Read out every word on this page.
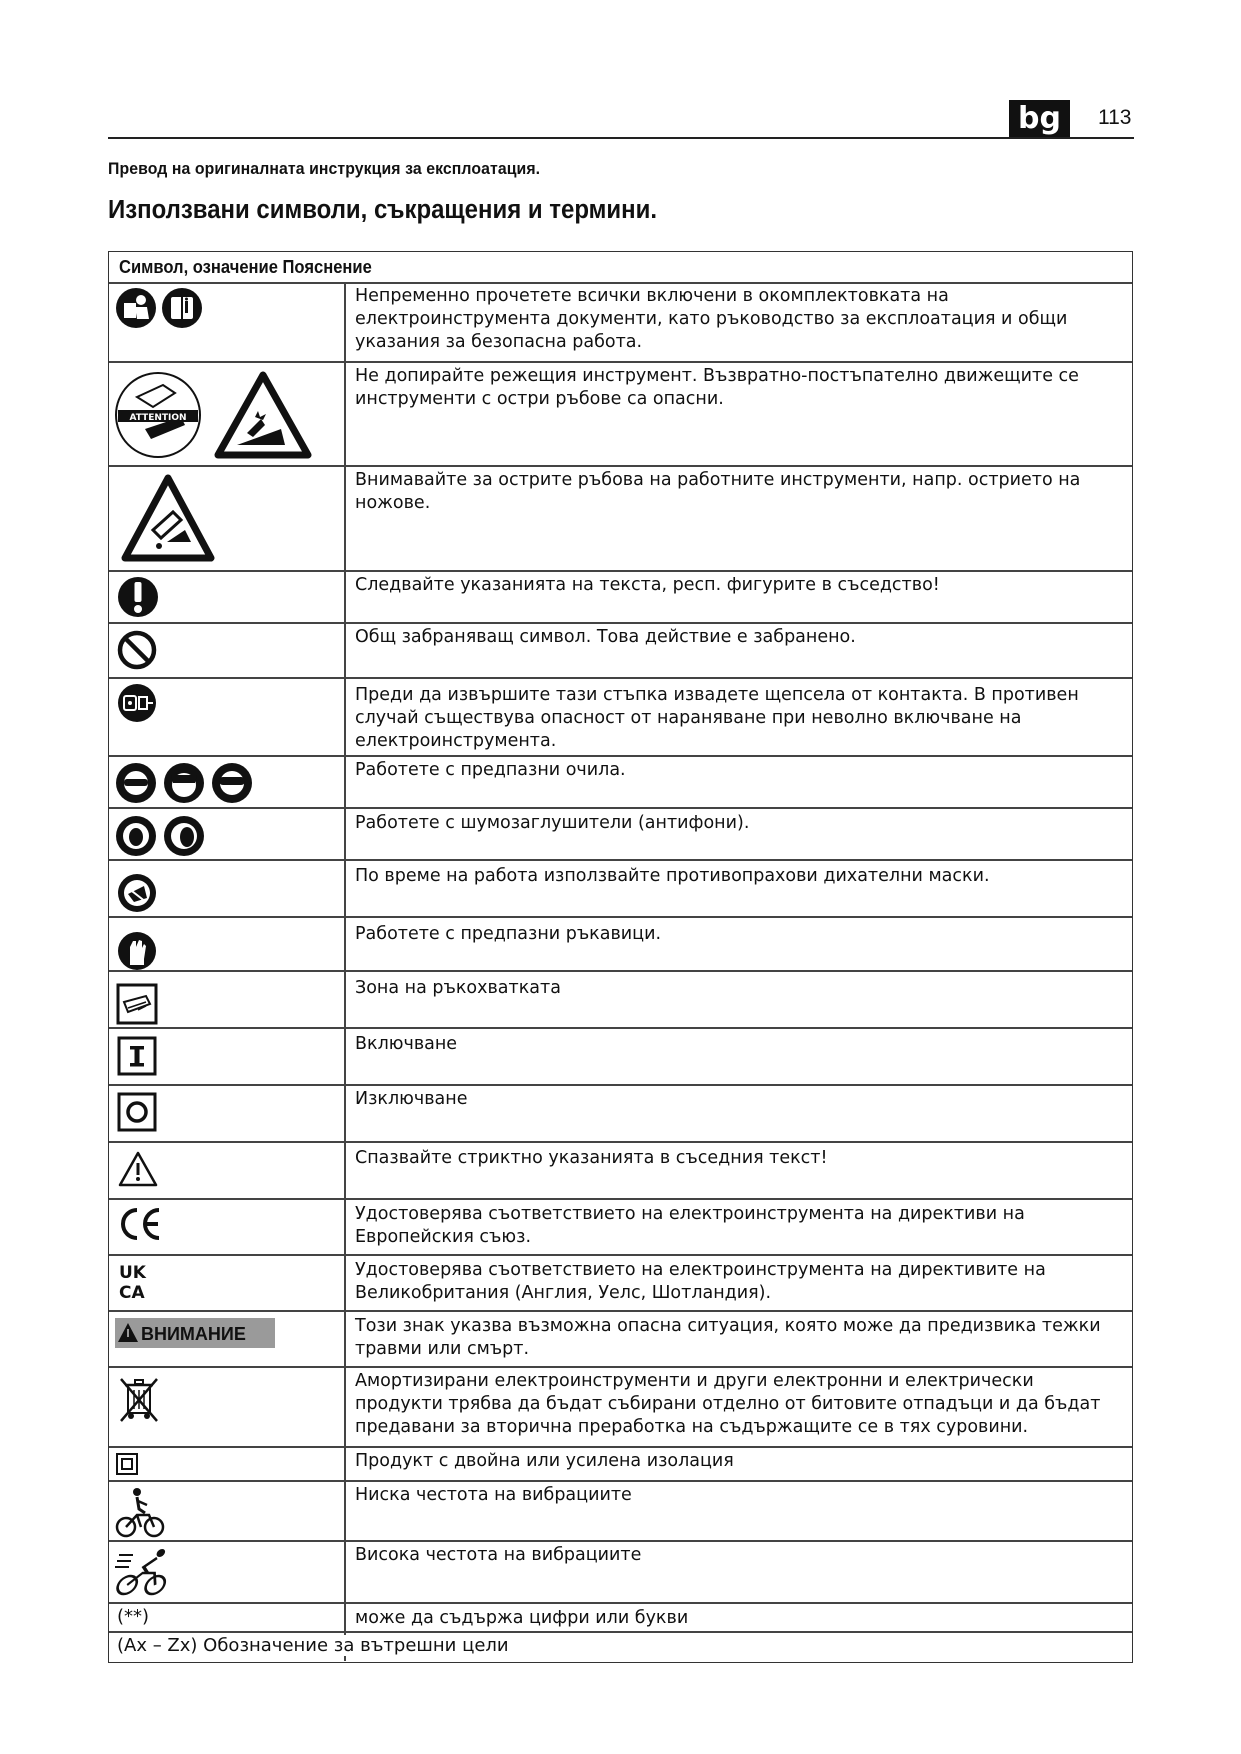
bg	113
Превод на оригиналната инструкция за експлоатация.
Използвани символи, съкращения и термини.
Символ, означение Пояснение
Непременно прочетете всички включени в окомплектовката на електроинструмента документи, като ръководство за експлоатация и общи указания за безопасна работа.
Не допирайте режещия инструмент. Възвратно-постъпателно движещите се инструменти с остри ръбове са опасни.
Внимавайте за острите ръбова на работните инструменти, напр. острието на ножове.
Следвайте указанията на текста, респ. фигурите в съседство!
Общ забраняващ символ. Това действие е забранено.
Преди да извършите тази стъпка извадете щепсела от контакта. В противен случай съществува опасност от нараняване при неволно включване на електроинструмента.
Работете с предпазни очила.
Работете с шумозаглушители (антифони).
По време на работа използвайте противопрахови дихателни маски.
Работете с предпазни ръкавици.
Зона на ръкохватката
Включване
Изключване
Спазвайте стриктно указанията в съседния текст!
Удостоверява съответствието на електроинструмента на директиви на Европейския съюз.
Удостоверява съответствието на електроинструмента на директивите на Великобритания (Англия, Уелс, Шотландия).
Този знак указва възможна опасна ситуация, която може да предизвика тежки травми или смърт.
Амортизирани електроинструменти и други електронни и електрически продукти трябва да бъдат събирани отделно от битовите отпадъци и да бъдат предавани за вторична преработка на съдържащите се в тях суровини.
Продукт с двойна или усилена изолация
Ниска честота на вибрациите
Висока честота на вибрациите
може да съдържа цифри или букви
(**)
(Ax – Zx) Обозначение за вътрешни цели
ATTENTION
UK
CA
ВНИМАНИЕ
